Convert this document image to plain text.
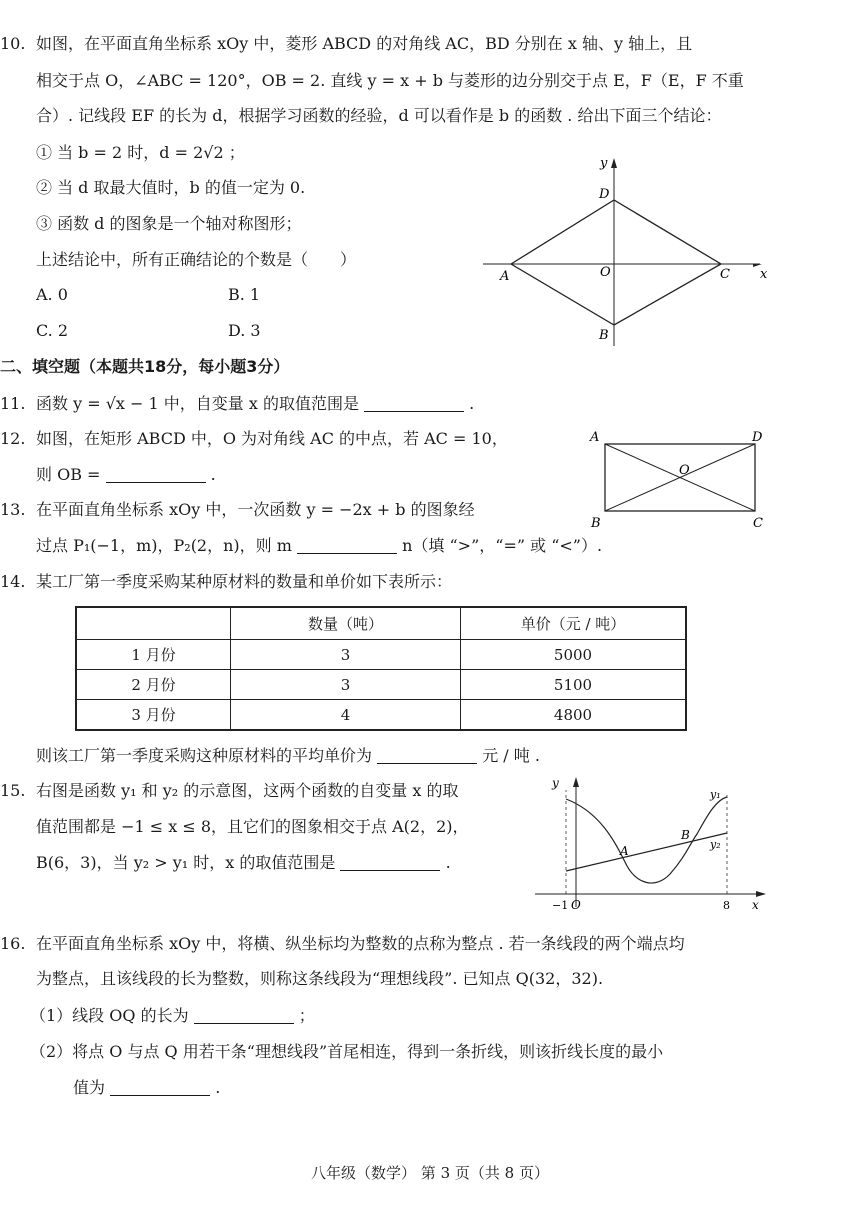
10. 如图，在平面直角坐标系 xOy 中，菱形 ABCD 的对角线 AC，BD 分别在 x 轴、y 轴上，且
相交于点 O，∠ABC = 120°，OB = 2. 直线 y = x + b 与菱形的边分别交于点 E，F（E，F 不重
合）. 记线段 EF 的长为 d，根据学习函数的经验，d 可以看作是 b 的函数 . 给出下面三个结论：
① 当 b = 2 时，d = 2√2 ；
② 当 d 取最大值时，b 的值一定为 0.
③ 函数 d 的图象是一个轴对称图形；
上述结论中，所有正确结论的个数是（　　）
A. 0	B. 1
C. 2	D. 3
y
x
D
A	O	C
B
二、填空题（本题共18分，每小题3分）
11. 函数 y = √x − 1 中，自变量 x 的取值范围是	.
12. 如图，在矩形 ABCD 中，O 为对角线 AC 的中点，若 AC = 10，
则 OB =	.
A	D
O
B	C
13. 在平面直角坐标系 xOy 中，一次函数 y = −2x + b 的图象经
过点 P₁(−1，m)，P₂(2，n)，则 m	n（填 “>”，“=” 或 “<”）.
14. 某工厂第一季度采购某种原材料的数量和单价如下表所示：
	数量（吨）	单价（元 / 吨）
1 月份	3	5000
2 月份	3	5100
3 月份	4	4800
则该工厂第一季度采购这种原材料的平均单价为	元 / 吨 .
15. 右图是函数 y₁ 和 y₂ 的示意图，这两个函数的自变量 x 的取
值范围都是 −1 ≤ x ≤ 8，且它们的图象相交于点 A(2，2)，
B(6，3)，当 y₂ > y₁ 时，x 的取值范围是	.
y
x
y₁
y₂
A
B
−1 O	8
16. 在平面直角坐标系 xOy 中，将横、纵坐标均为整数的点称为整点 . 若一条线段的两个端点均
为整点，且该线段的长为整数，则称这条线段为“理想线段”. 已知点 Q(32，32).
（1）线段 OQ 的长为	；
（2）将点 O 与点 Q 用若干条“理想线段”首尾相连，得到一条折线，则该折线长度的最小
值为	.
八年级（数学） 第 3 页（共 8 页）
